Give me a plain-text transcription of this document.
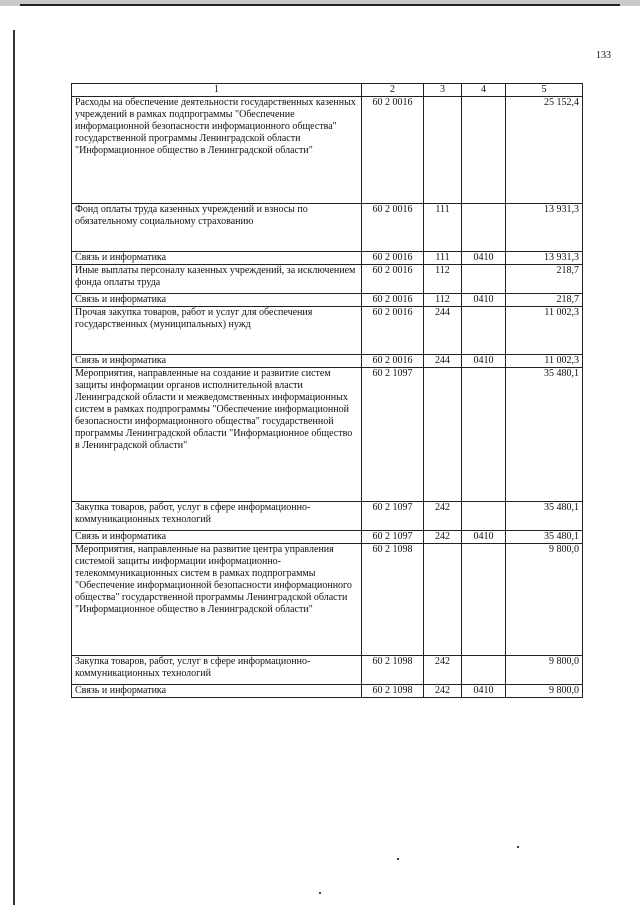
133
1	2	3	4	5
Расходы на обеспечение деятельности государственных казенных учреждений в рамках подпрограммы "Обеспечение информационной безопасности информационного общества" государственной программы Ленинградской области "Информационное общество в Ленинградской области"	60 2 0016			25 152,4
Фонд оплаты труда казенных учреждений и взносы по обязательному социальному страхованию	60 2 0016	111		13 931,3
Связь и информатика	60 2 0016	111	0410	13 931,3
Иные выплаты персоналу казенных учреждений, за исключением фонда оплаты труда	60 2 0016	112		218,7
Связь и информатика	60 2 0016	112	0410	218,7
Прочая закупка товаров, работ и услуг для обеспечения государственных (муниципальных) нужд	60 2 0016	244		11 002,3
Связь и информатика	60 2 0016	244	0410	11 002,3
Мероприятия, направленные на создание и развитие систем защиты информации органов исполнительной власти Ленинградской области и межведомственных информационных систем в рамках подпрограммы "Обеспечение информационной безопасности информационного общества" государственной программы Ленинградской области "Информационное общество в Ленинградской области"	60 2 1097			35 480,1
Закупка товаров, работ, услуг в сфере информационно-коммуникационных технологий	60 2 1097	242		35 480,1
Связь и информатика	60 2 1097	242	0410	35 480,1
Мероприятия, направленные на развитие центра управления системой защиты информации информационно-телекоммуникационных систем в рамках подпрограммы "Обеспечение информационной безопасности информационного общества" государственной программы Ленинградской области "Информационное общество в Ленинградской области"	60 2 1098			9 800,0
Закупка товаров, работ, услуг в сфере информационно-коммуникационных технологий	60 2 1098	242		9 800,0
Связь и информатика	60 2 1098	242	0410	9 800,0
